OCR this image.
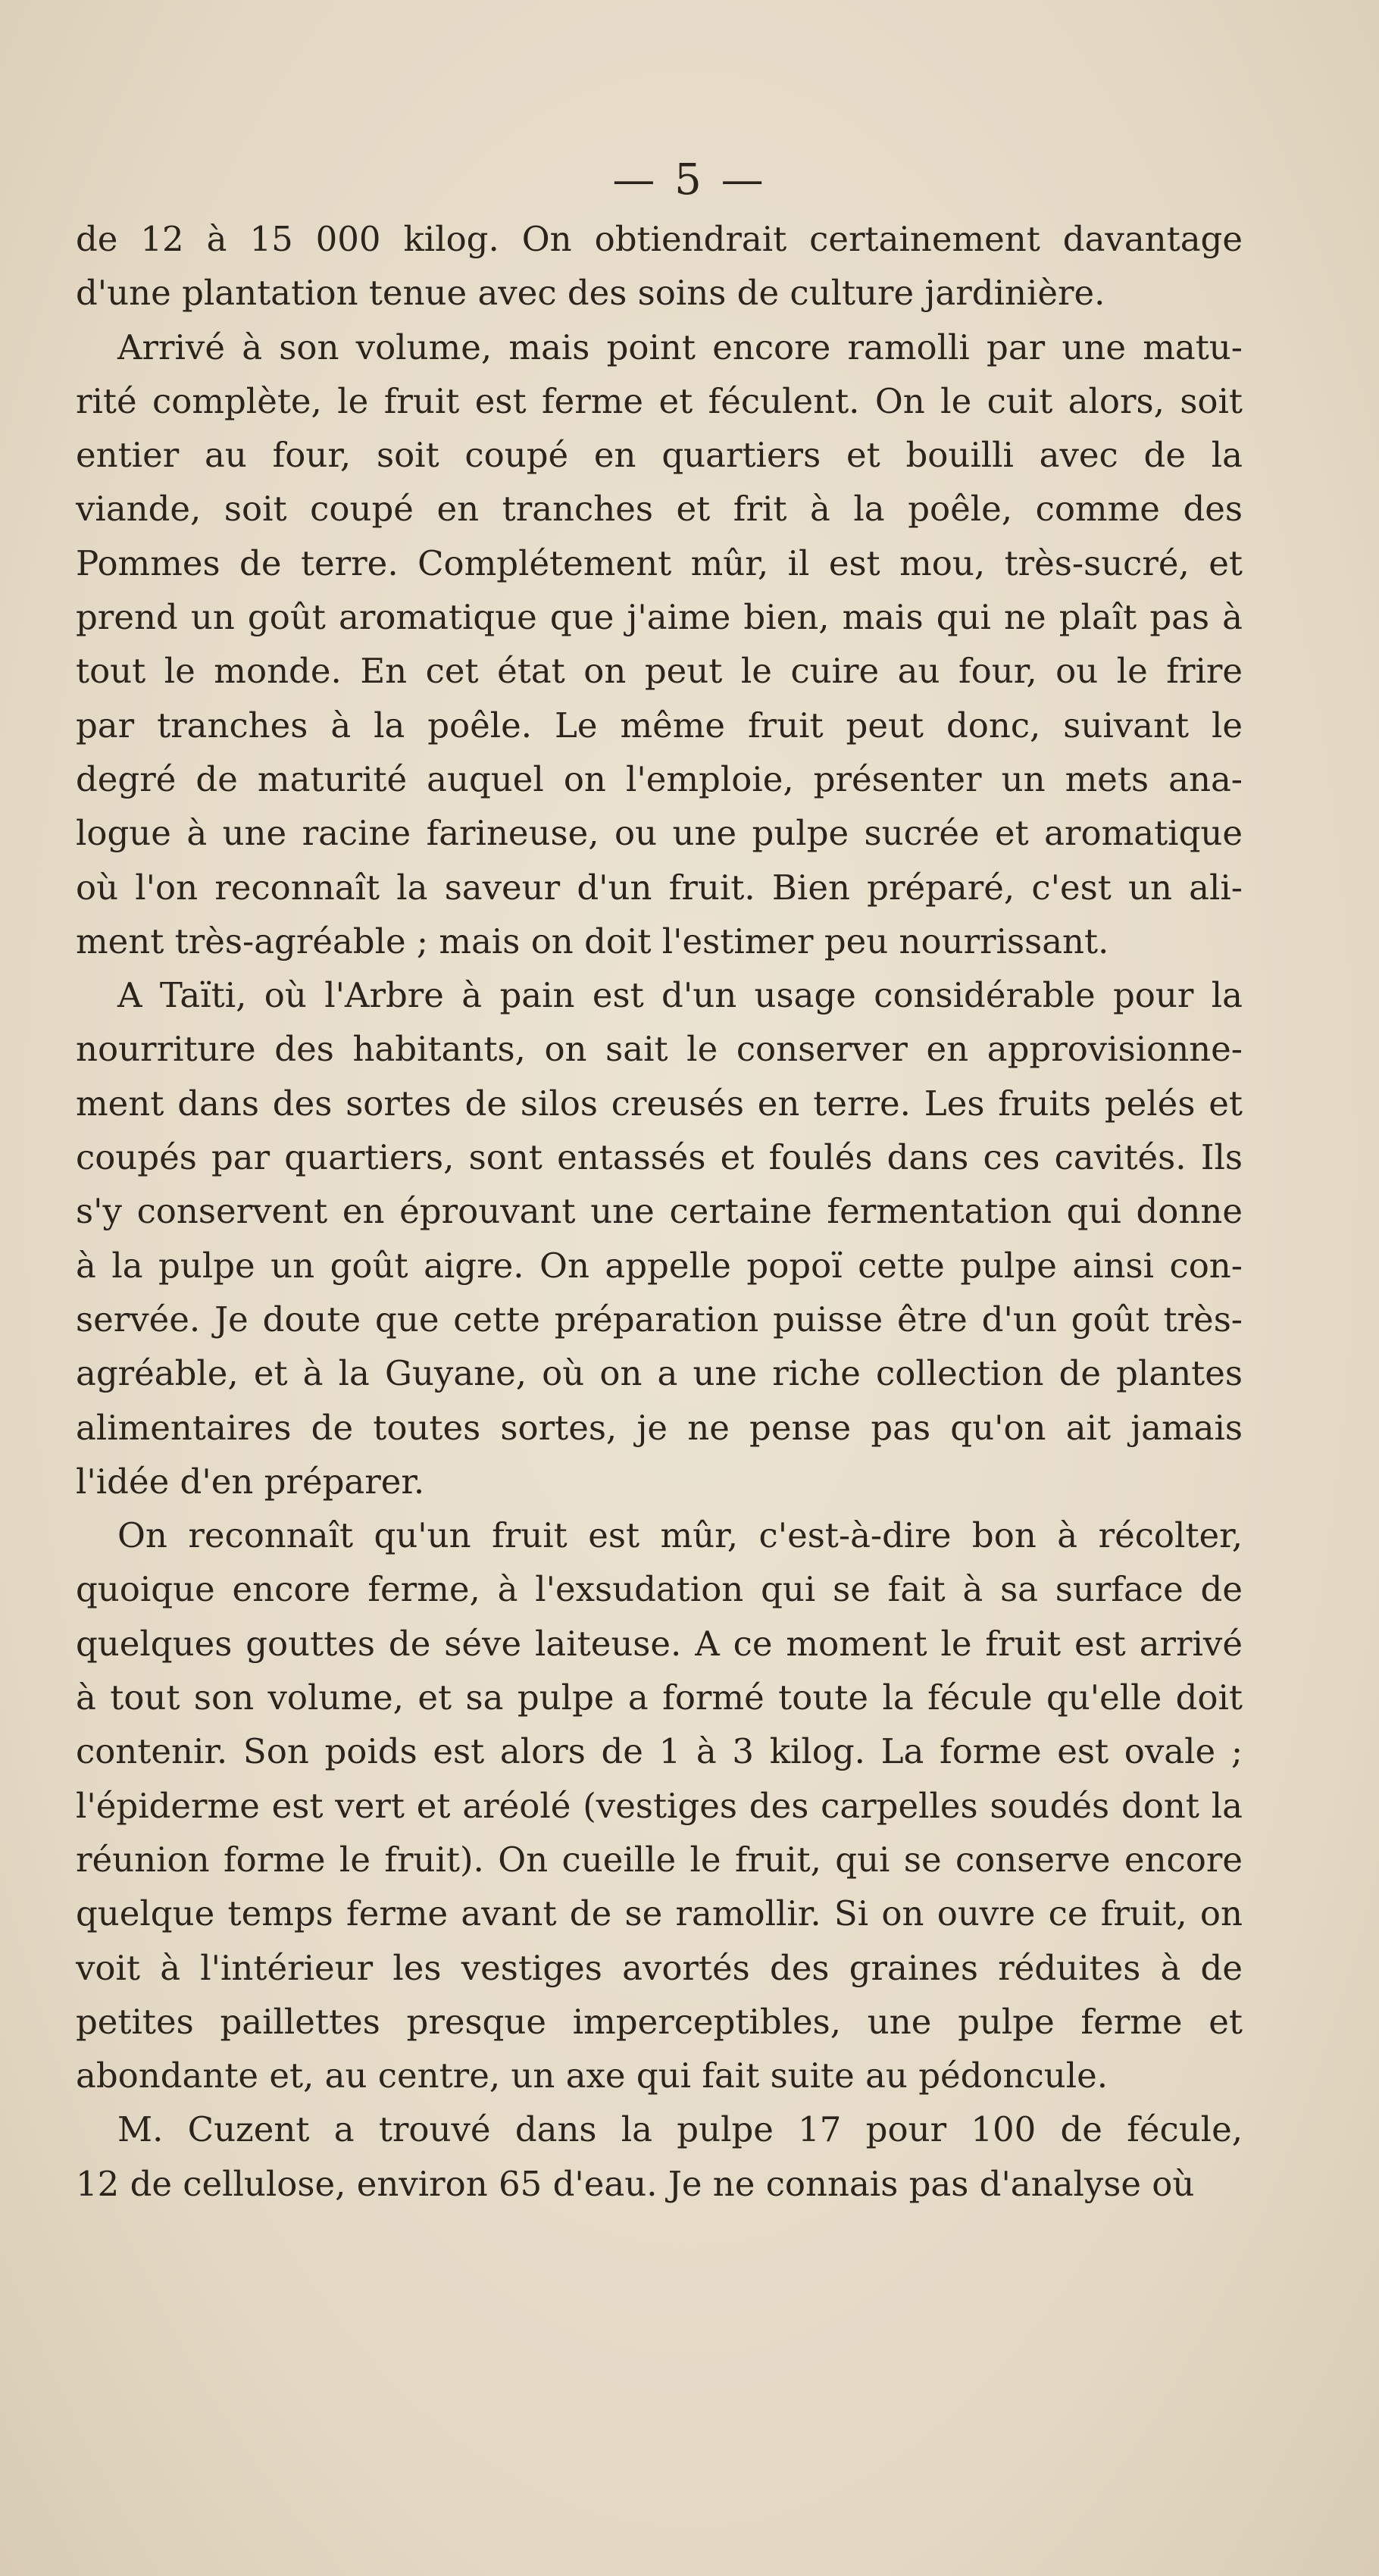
— 5 —
de 12 à 15 000 kilog. On obtiendrait certainement davantage
d'une plantation tenue avec des soins de culture jardinière.
Arrivé à son volume, mais point encore ramolli par une matu-
rité complète, le fruit est ferme et féculent. On le cuit alors, soit
entier au four, soit coupé en quartiers et bouilli avec de la
viande, soit coupé en tranches et frit à la poêle, comme des
Pommes de terre. Complétement mûr, il est mou, très-sucré, et
prend un goût aromatique que j'aime bien, mais qui ne plaît pas à
tout le monde. En cet état on peut le cuire au four, ou le frire
par tranches à la poêle. Le même fruit peut donc, suivant le
degré de maturité auquel on l'emploie, présenter un mets ana-
logue à une racine farineuse, ou une pulpe sucrée et aromatique
où l'on reconnaît la saveur d'un fruit. Bien préparé, c'est un ali-
ment très-agréable ; mais on doit l'estimer peu nourrissant.
A Taïti, où l'Arbre à pain est d'un usage considérable pour la
nourriture des habitants, on sait le conserver en approvisionne-
ment dans des sortes de silos creusés en terre. Les fruits pelés et
coupés par quartiers, sont entassés et foulés dans ces cavités. Ils
s'y conservent en éprouvant une certaine fermentation qui donne
à la pulpe un goût aigre. On appelle popoï cette pulpe ainsi con-
servée. Je doute que cette préparation puisse être d'un goût très-
agréable, et à la Guyane, où on a une riche collection de plantes
alimentaires de toutes sortes, je ne pense pas qu'on ait jamais
l'idée d'en préparer.
On reconnaît qu'un fruit est mûr, c'est-à-dire bon à récolter,
quoique encore ferme, à l'exsudation qui se fait à sa surface de
quelques gouttes de séve laiteuse. A ce moment le fruit est arrivé
à tout son volume, et sa pulpe a formé toute la fécule qu'elle doit
contenir. Son poids est alors de 1 à 3 kilog. La forme est ovale ;
l'épiderme est vert et aréolé (vestiges des carpelles soudés dont la
réunion forme le fruit). On cueille le fruit, qui se conserve encore
quelque temps ferme avant de se ramollir. Si on ouvre ce fruit, on
voit à l'intérieur les vestiges avortés des graines réduites à de
petites paillettes presque imperceptibles, une pulpe ferme et
abondante et, au centre, un axe qui fait suite au pédoncule.
M. Cuzent a trouvé dans la pulpe 17 pour 100 de fécule,
12 de cellulose, environ 65 d'eau. Je ne connais pas d'analyse où
